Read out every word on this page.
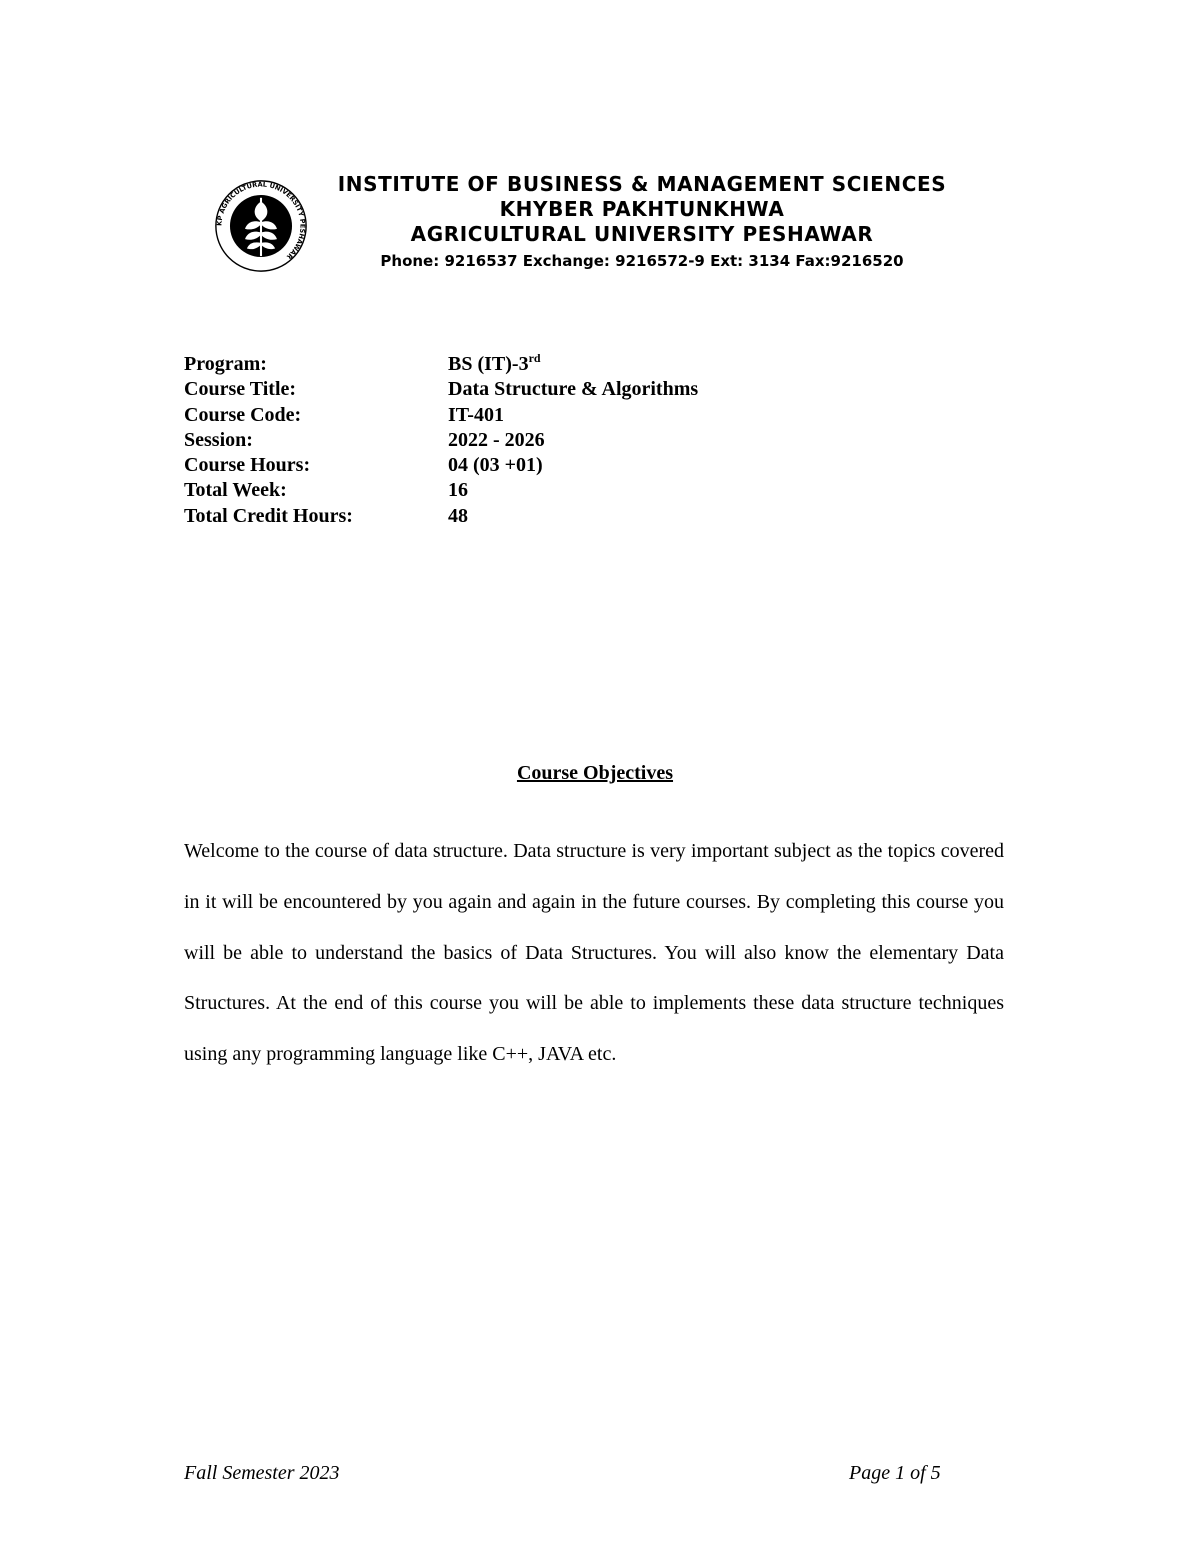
KP AGRICULTURAL UNIVERSITY PESHAWAR
INSTITUTE OF BUSINESS & MANAGEMENT SCIENCES
KHYBER PAKHTUNKHWA
AGRICULTURAL UNIVERSITY PESHAWAR
Phone: 9216537 Exchange: 9216572-9 Ext: 3134 Fax:9216520
Program:	BS (IT)-3rd
Course Title:	Data Structure & Algorithms
Course Code:	IT-401
Session:	2022 - 2026
Course Hours:	04 (03 +01)
Total Week:	16
Total Credit Hours:	48
Course Objectives

Welcome to the course of data structure. Data structure is very important subject as the topics covered in it will be encountered by you again and again in the future courses. By completing this course you will be able to understand the basics of Data Structures. You will also know the elementary Data Structures. At the end of this course you will be able to implements these data structure techniques using any programming language like C++, JAVA etc.

Fall Semester 2023	Page 1 of 5
